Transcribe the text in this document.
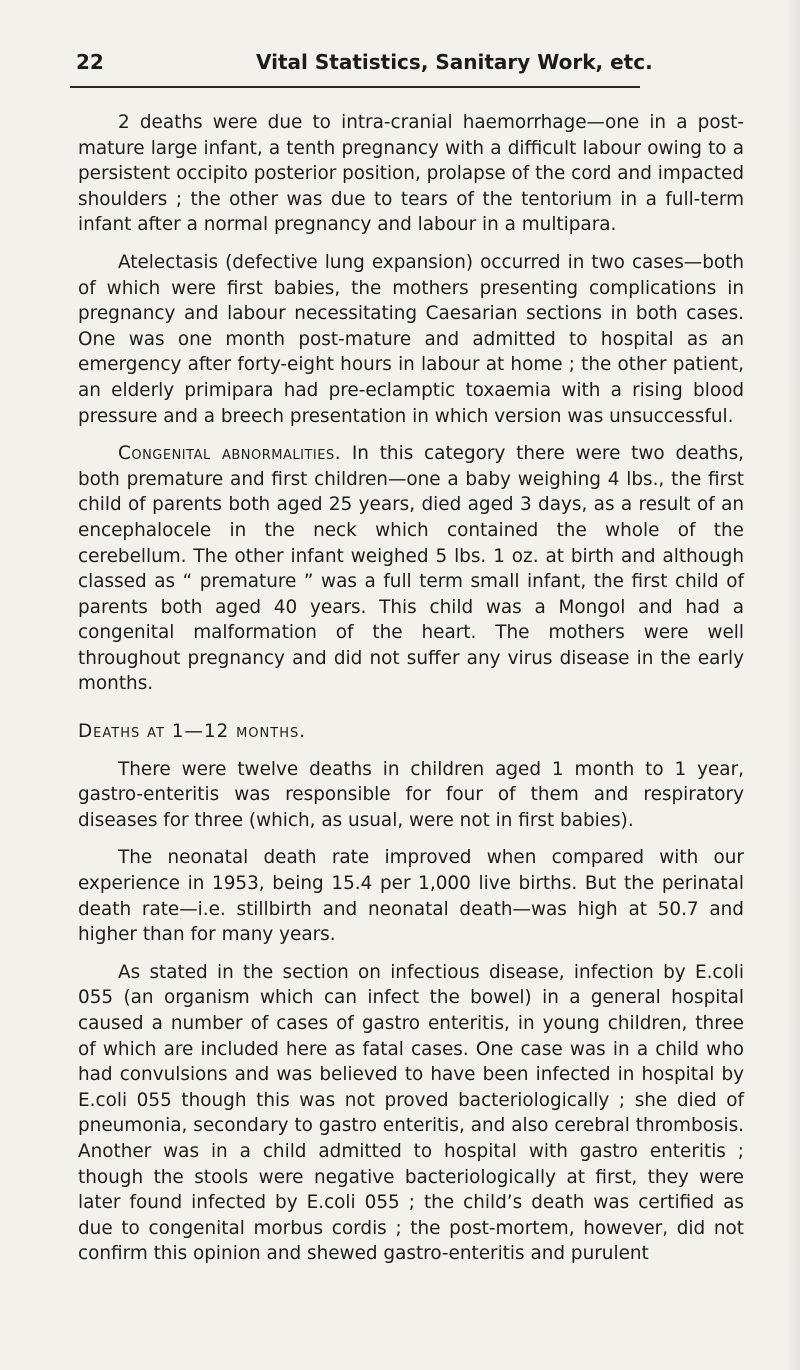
22	Vital Statistics, Sanitary Work, etc.

2 deaths were due to intra-cranial haemorrhage—one in a post-mature large infant, a tenth pregnancy with a difficult labour owing to a persistent occipito posterior position, prolapse of the cord and impacted shoulders ; the other was due to tears of the tentorium in a full-term infant after a normal pregnancy and labour in a multipara.

Atelectasis (defective lung expansion) occurred in two cases—both of which were first babies, the mothers presenting complications in pregnancy and labour necessitating Caesarian sections in both cases. One was one month post-mature and admitted to hospital as an emergency after forty-eight hours in labour at home ; the other patient, an elderly primipara had pre-eclamptic toxaemia with a rising blood pressure and a breech presentation in which version was unsuccessful.

Congenital abnormalities. In this category there were two deaths, both premature and first children—one a baby weighing 4 lbs., the first child of parents both aged 25 years, died aged 3 days, as a result of an encephalocele in the neck which contained the whole of the cerebellum. The other infant weighed 5 lbs. 1 oz. at birth and although classed as “ premature ” was a full term small infant, the first child of parents both aged 40 years. This child was a Mongol and had a congenital malformation of the heart. The mothers were well throughout pregnancy and did not suffer any virus disease in the early months.

Deaths at 1—12 months.

There were twelve deaths in children aged 1 month to 1 year, gastro-enteritis was responsible for four of them and respiratory diseases for three (which, as usual, were not in first babies).

The neonatal death rate improved when compared with our experience in 1953, being 15.4 per 1,000 live births. But the perinatal death rate—i.e. stillbirth and neonatal death—was high at 50.7 and higher than for many years.

As stated in the section on infectious disease, infection by E.coli 055 (an organism which can infect the bowel) in a general hospital caused a number of cases of gastro enteritis, in young children, three of which are included here as fatal cases. One case was in a child who had convulsions and was believed to have been infected in hospital by E.coli 055 though this was not proved bacteriologically ; she died of pneumonia, secondary to gastro enteritis, and also cerebral thrombosis. Another was in a child admitted to hospital with gastro enteritis ; though the stools were negative bacteriologically at first, they were later found infected by E.coli 055 ; the child’s death was certified as due to congenital morbus cordis ; the post-mortem, however, did not confirm this opinion and shewed gastro-enteritis and purulent
